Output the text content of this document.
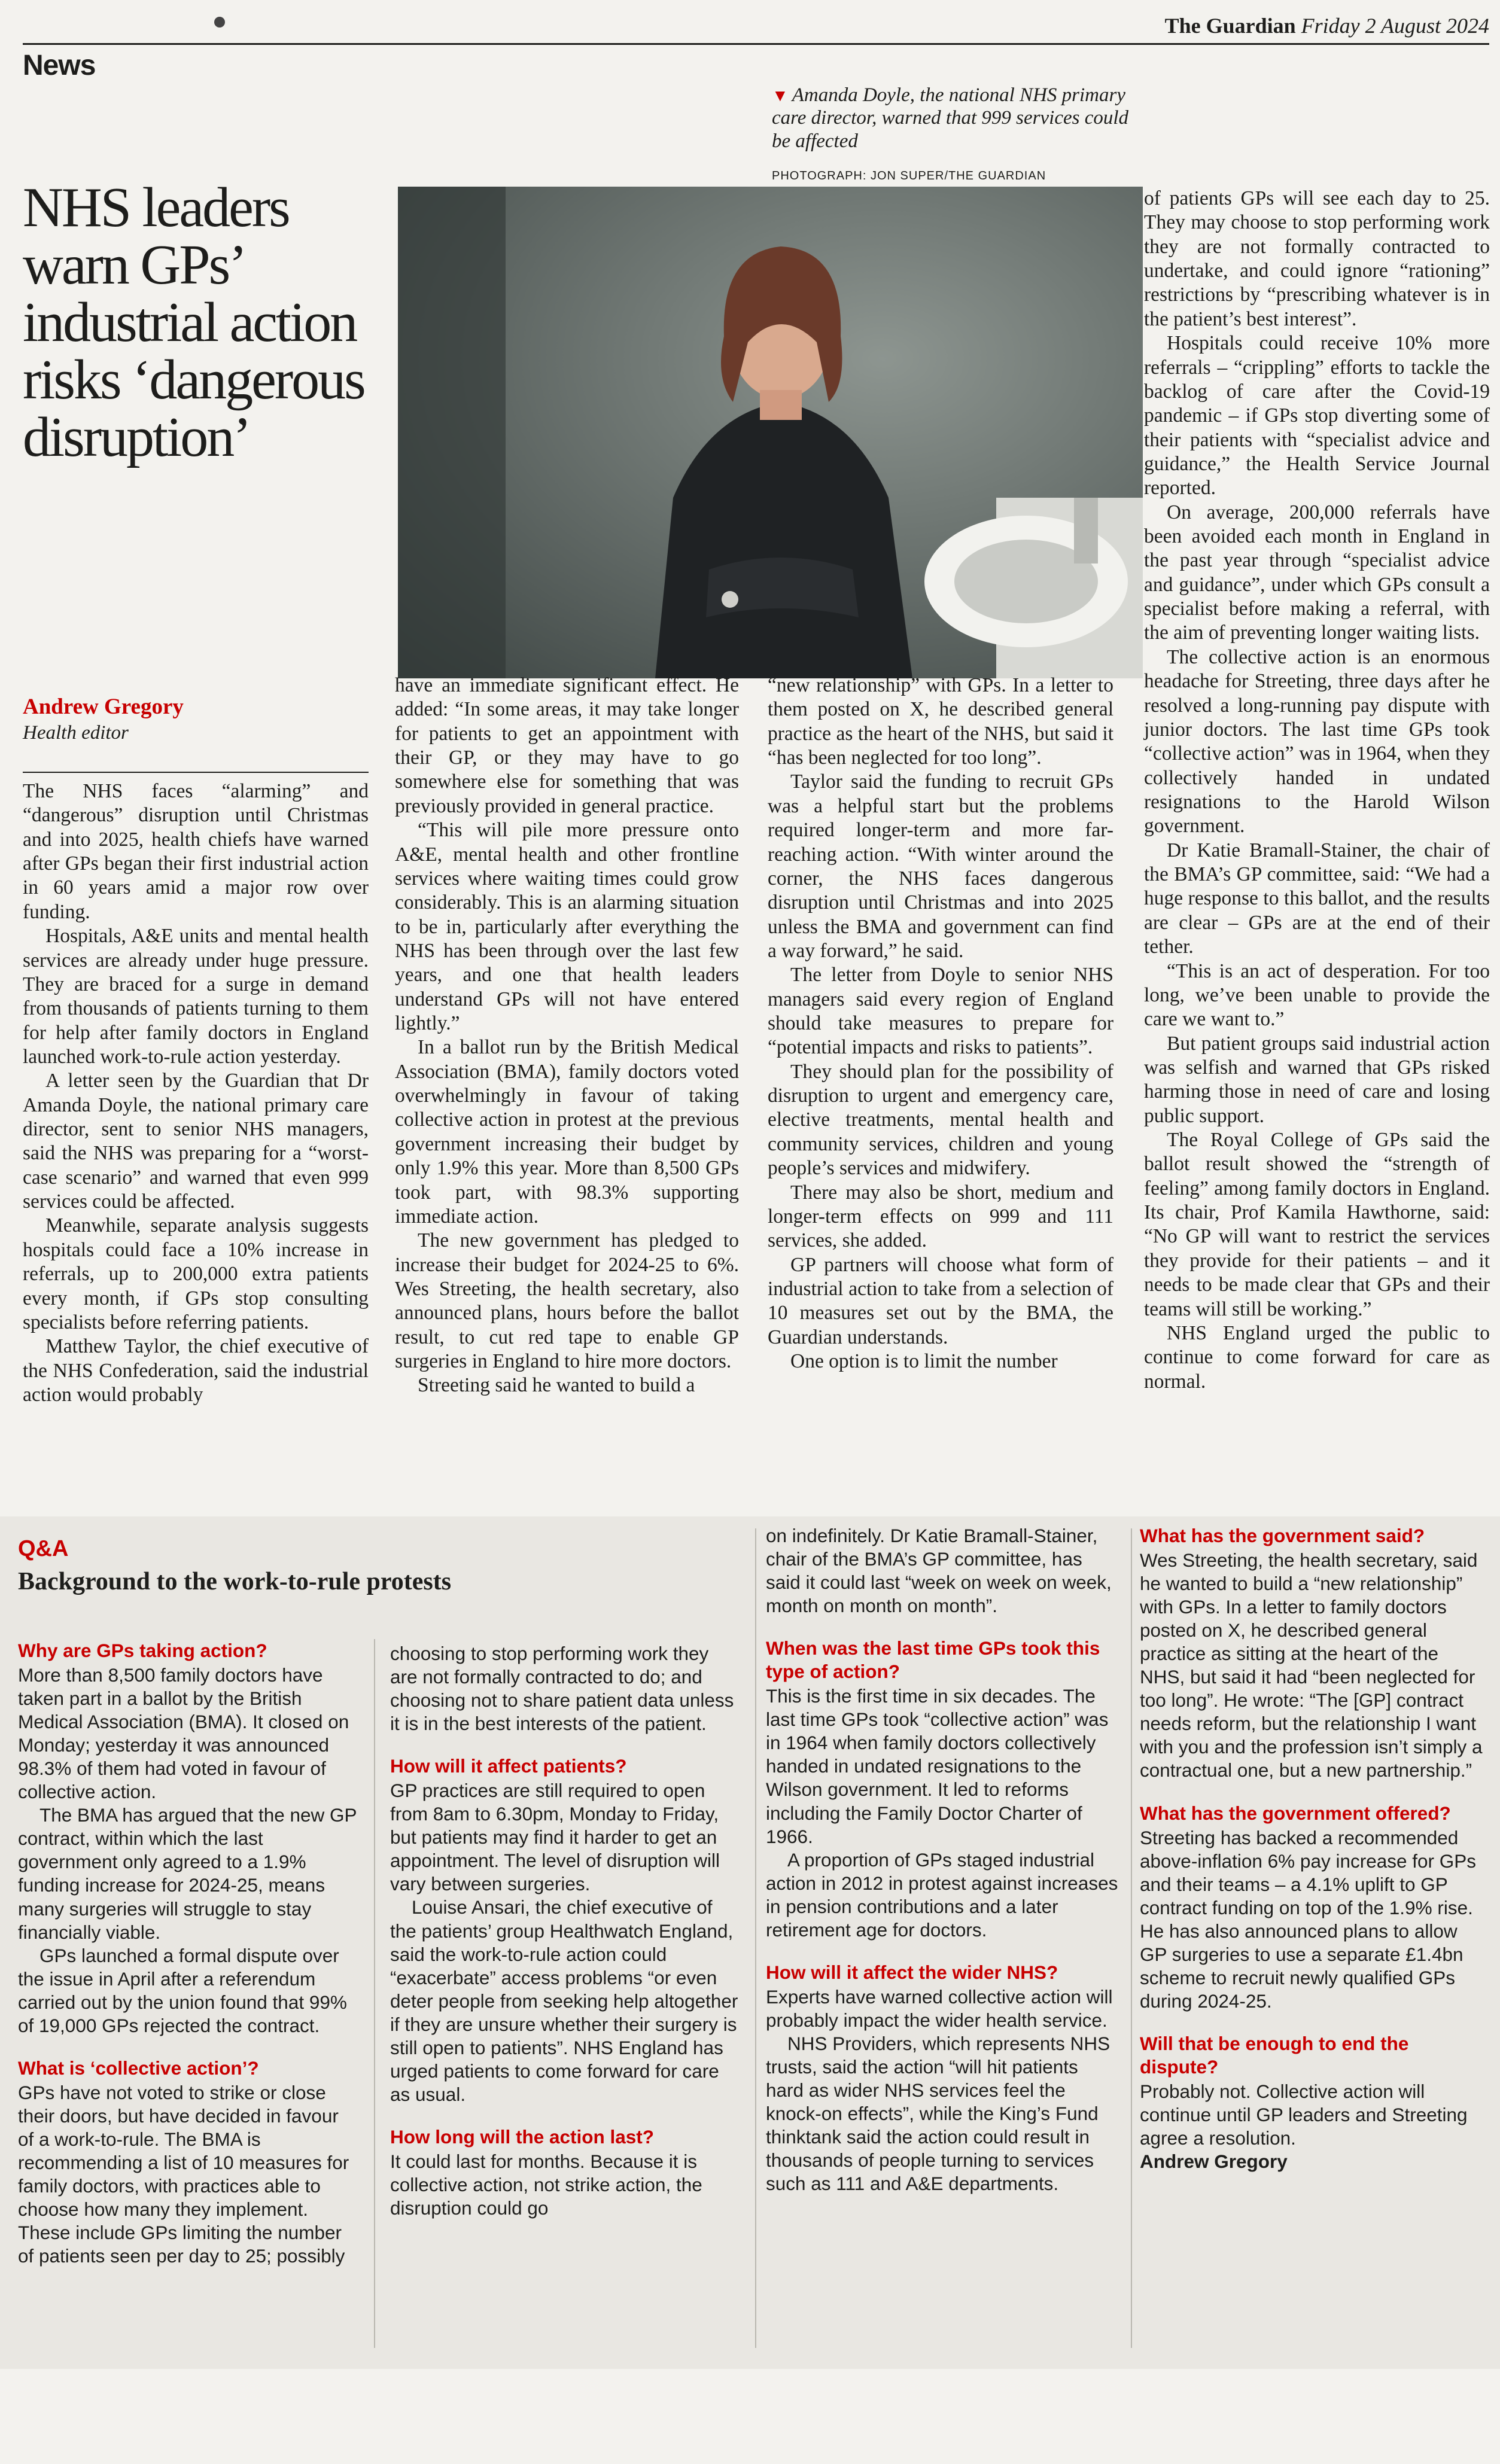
The Guardian Friday 2 August 2024
News
NHS leaders warn GPs’ industrial action risks ‘dangerous disruption’
▼ Amanda Doyle, the national NHS primary care director, warned that 999 services could be affected
PHOTOGRAPH: JON SUPER/THE GUARDIAN
Andrew Gregory
Health editor

The NHS faces “alarming” and “dangerous” disruption until Christmas and into 2025, health chiefs have warned after GPs began their first industrial action in 60 years amid a major row over funding.

Hospitals, A&E units and mental health services are already under huge pressure. They are braced for a surge in demand from thousands of patients turning to them for help after family doctors in England launched work-to-rule action yesterday.

A letter seen by the Guardian that Dr Amanda Doyle, the national primary care director, sent to senior NHS managers, said the NHS was preparing for a “worst-case scenario” and warned that even 999 services could be affected.

Meanwhile, separate analysis suggests hospitals could face a 10% increase in referrals, up to 200,000 extra patients every month, if GPs stop consulting specialists before referring patients.

Matthew Taylor, the chief executive of the NHS Confederation, said the industrial action would probably

have an immediate significant effect. He added: “In some areas, it may take longer for patients to get an appointment with their GP, or they may have to go somewhere else for something that was previously provided in general practice.

“This will pile more pressure onto A&E, mental health and other frontline services where waiting times could grow considerably. This is an alarming situation to be in, particularly after everything the NHS has been through over the last few years, and one that health leaders understand GPs will not have entered lightly.”

In a ballot run by the British Medical Association (BMA), family doctors voted overwhelmingly in favour of taking collective action in protest at the previous government increasing their budget by only 1.9% this year. More than 8,500 GPs took part, with 98.3% supporting immediate action.

The new government has pledged to increase their budget for 2024-25 to 6%. Wes Streeting, the health secretary, also announced plans, hours before the ballot result, to cut red tape to enable GP surgeries in England to hire more doctors.

Streeting said he wanted to build a

“new relationship” with GPs. In a letter to them posted on X, he described general practice as the heart of the NHS, but said it “has been neglected for too long”.

Taylor said the funding to recruit GPs was a helpful start but the problems required longer-term and more far-reaching action. “With winter around the corner, the NHS faces dangerous disruption until Christmas and into 2025 unless the BMA and government can find a way forward,” he said.

The letter from Doyle to senior NHS managers said every region of England should take measures to prepare for “potential impacts and risks to patients”.

They should plan for the possibility of disruption to urgent and emergency care, elective treatments, mental health and community services, children and young people’s services and midwifery.

There may also be short, medium and longer-term effects on 999 and 111 services, she added.

GP partners will choose what form of industrial action to take from a selection of 10 measures set out by the BMA, the Guardian understands.

One option is to limit the number

of patients GPs will see each day to 25. They may choose to stop performing work they are not formally contracted to undertake, and could ignore “rationing” restrictions by “prescribing whatever is in the patient’s best interest”.

Hospitals could receive 10% more referrals – “crippling” efforts to tackle the backlog of care after the Covid-19 pandemic – if GPs stop diverting some of their patients with “specialist advice and guidance,” the Health Service Journal reported.

On average, 200,000 referrals have been avoided each month in England in the past year through “specialist advice and guidance”, under which GPs consult a specialist before making a referral, with the aim of preventing longer waiting lists.

The collective action is an enormous headache for Streeting, three days after he resolved a long-running pay dispute with junior doctors. The last time GPs took “collective action” was in 1964, when they collectively handed in undated resignations to the Harold Wilson government.

Dr Katie Bramall-Stainer, the chair of the BMA’s GP committee, said: “We had a huge response to this ballot, and the results are clear – GPs are at the end of their tether.

“This is an act of desperation. For too long, we’ve been unable to provide the care we want to.”

But patient groups said industrial action was selfish and warned that GPs risked harming those in need of care and losing public support.

The Royal College of GPs said the ballot result showed the “strength of feeling” among family doctors in England. Its chair, Prof Kamila Hawthorne, said: “No GP will want to restrict the services they provide for their patients – and it needs to be made clear that GPs and their teams will still be working.”

NHS England urged the public to continue to come forward for care as normal.

Q&A
Background to the work-to-rule protests
Why are GPs taking action?

More than 8,500 family doctors have taken part in a ballot by the British Medical Association (BMA). It closed on Monday; yesterday it was announced 98.3% of them had voted in favour of collective action.

The BMA has argued that the new GP contract, within which the last government only agreed to a 1.9% funding increase for 2024-25, means many surgeries will struggle to stay financially viable.

GPs launched a formal dispute over the issue in April after a referendum carried out by the union found that 99% of 19,000 GPs rejected the contract.

What is ‘collective action’?

GPs have not voted to strike or close their doors, but have decided in favour of a work-to-rule. The BMA is recommending a list of 10 measures for family doctors, with practices able to choose how many they implement. These include GPs limiting the number of patients seen per day to 25; possibly

choosing to stop performing work they are not formally contracted to do; and choosing not to share patient data unless it is in the best interests of the patient.

How will it affect patients?

GP practices are still required to open from 8am to 6.30pm, Monday to Friday, but patients may find it harder to get an appointment. The level of disruption will vary between surgeries.

Louise Ansari, the chief executive of the patients’ group Healthwatch England, said the work-to-rule action could “exacerbate” access problems “or even deter people from seeking help altogether if they are unsure whether their surgery is still open to patients”. NHS England has urged patients to come forward for care as usual.

How long will the action last?

It could last for months. Because it is collective action, not strike action, the disruption could go

on indefinitely. Dr Katie Bramall-Stainer, chair of the BMA’s GP committee, has said it could last “week on week on week, month on month on month”.

When was the last time GPs took this type of action?

This is the first time in six decades. The last time GPs took “collective action” was in 1964 when family doctors collectively handed in undated resignations to the Wilson government. It led to reforms including the Family Doctor Charter of 1966.

A proportion of GPs staged industrial action in 2012 in protest against increases in pension contributions and a later retirement age for doctors.

How will it affect the wider NHS?

Experts have warned collective action will probably impact the wider health service.

NHS Providers, which represents NHS trusts, said the action “will hit patients hard as wider NHS services feel the knock-on effects”, while the King’s Fund thinktank said the action could result in thousands of people turning to services such as 111 and A&E departments.

What has the government said?

Wes Streeting, the health secretary, said he wanted to build a “new relationship” with GPs. In a letter to family doctors posted on X, he described general practice as sitting at the heart of the NHS, but said it had “been neglected for too long”. He wrote: “The [GP] contract needs reform, but the relationship I want with you and the profession isn’t simply a contractual one, but a new partnership.”

What has the government offered?

Streeting has backed a recommended above-inflation 6% pay increase for GPs and their teams – a 4.1% uplift to GP contract funding on top of the 1.9% rise. He has also announced plans to allow GP surgeries to use a separate £1.4bn scheme to recruit newly qualified GPs during 2024-25.

Will that be enough to end the dispute?

Probably not. Collective action will continue until GP leaders and Streeting agree a resolution.

Andrew Gregory
